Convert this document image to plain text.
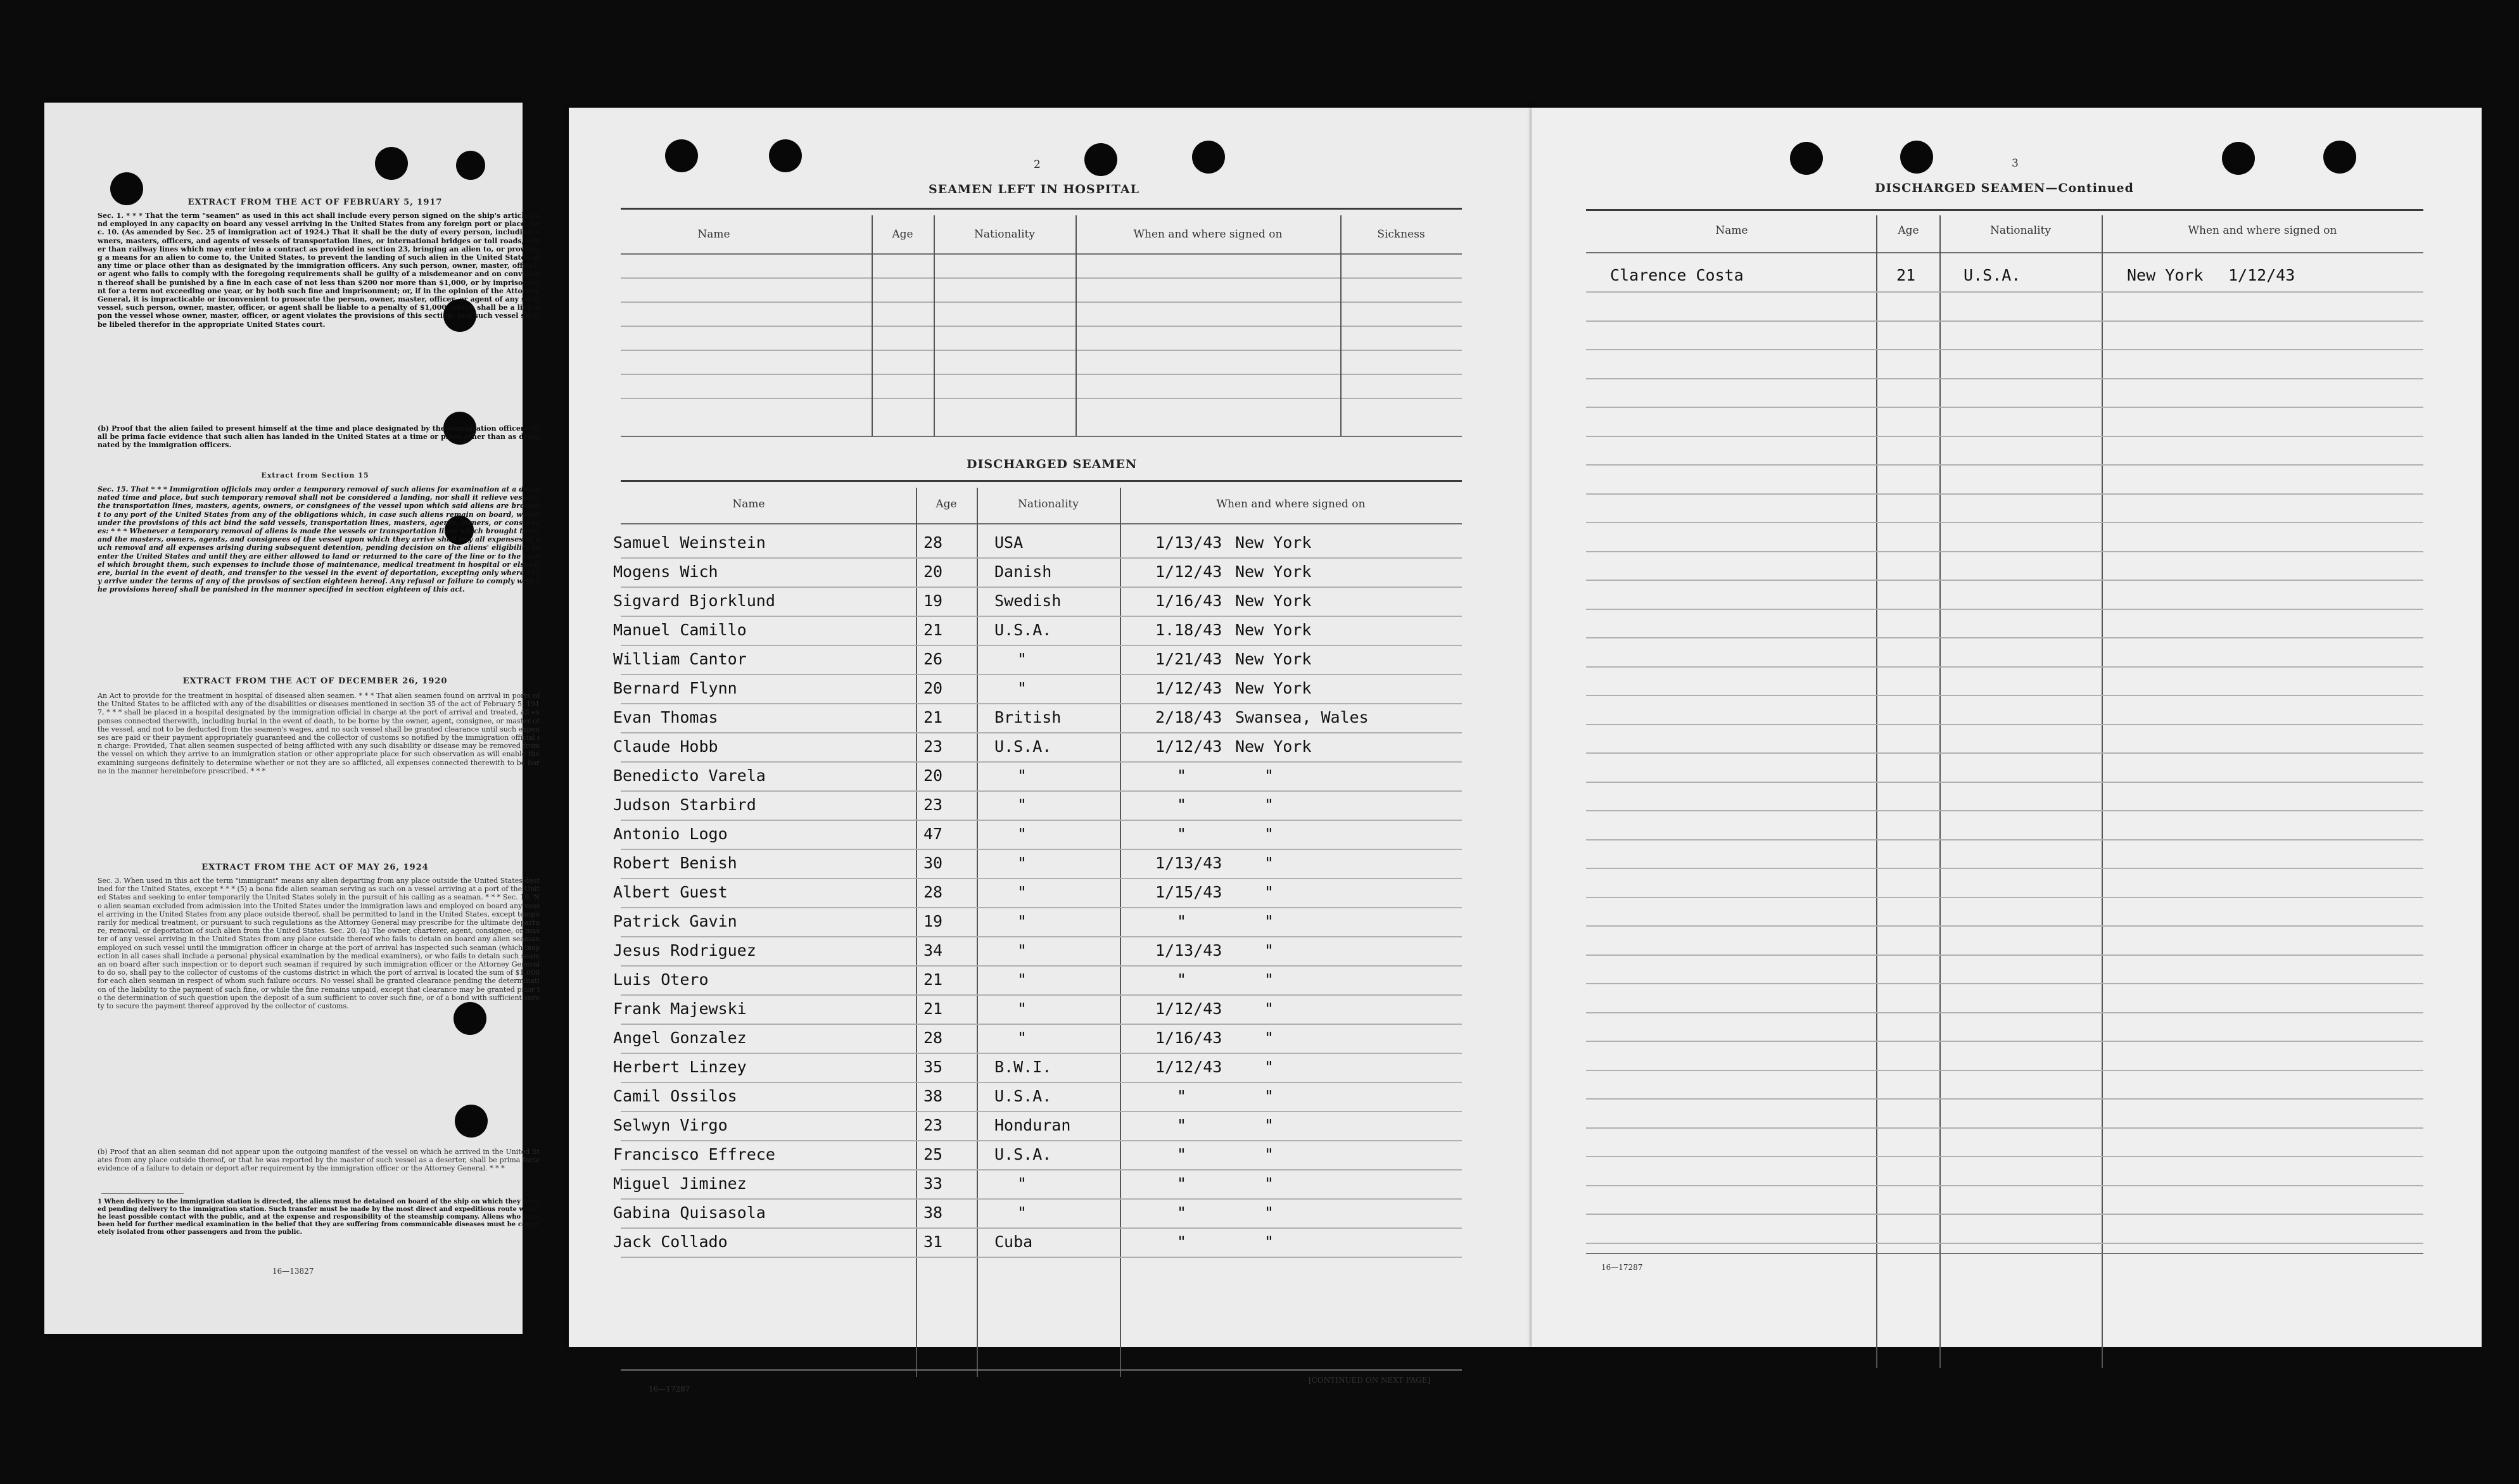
EXTRACT FROM THE ACT OF FEBRUARY 5, 1917
Sec. 1. * * * That the term "seamen" as used in this act shall include every person signed on the ship's articles and employed in any capacity on board any vessel arriving in the United States from any foreign port or place. Sec. 10. (As amended by Sec. 25 of immigration act of 1924.) That it shall be the duty of every person, including owners, masters, officers, and agents of vessels of transportation lines, or international bridges or toll roads, other than railway lines which may enter into a contract as provided in section 23, bringing an alien to, or providing a means for an alien to come to, the United States, to prevent the landing of such alien in the United States at any time or place other than as designated by the immigration officers. Any such person, owner, master, officer, or agent who fails to comply with the foregoing requirements shall be guilty of a misdemeanor and on conviction thereof shall be punished by a fine in each case of not less than $200 nor more than $1,000, or by imprisonment for a term not exceeding one year, or by both such fine and imprisonment; or, if in the opinion of the Attorney General, it is impracticable or inconvenient to prosecute the person, owner, master, officer, or agent of any such vessel, such person, owner, master, officer, or agent shall be liable to a penalty of $1,000, which shall be a lien upon the vessel whose owner, master, officer, or agent violates the provisions of this section, and such vessel shall be libeled therefor in the appropriate United States court.
(b) Proof that the alien failed to present himself at the time and place designated by the immigration officers shall be prima facie evidence that such alien has landed in the United States at a time or place other than as designated by the immigration officers.
Extract from Section 15
Sec. 15. That * * * Immigration officials may order a temporary removal of such aliens for examination at a designated time and place, but such temporary removal shall not be considered a landing, nor shall it relieve vessels, the transportation lines, masters, agents, owners, or consignees of the vessel upon which said aliens are brought to any port of the United States from any of the obligations which, in case such aliens remain on board, would under the provisions of this act bind the said vessels, transportation lines, masters, agents, owners, or consignees: * * * Whenever a temporary removal of aliens is made the vessels or transportation lines which brought them and the masters, owners, agents, and consignees of the vessel upon which they arrive shall pay all expenses of such removal and all expenses arising during subsequent detention, pending decision on the aliens' eligibility to enter the United States and until they are either allowed to land or returned to the care of the line or to the vessel which brought them, such expenses to include those of maintenance, medical treatment in hospital or elsewhere, burial in the event of death, and transfer to the vessel in the event of deportation, excepting only where they arrive under the terms of any of the provisos of section eighteen hereof. Any refusal or failure to comply with the provisions hereof shall be punished in the manner specified in section eighteen of this act.
EXTRACT FROM THE ACT OF DECEMBER 26, 1920
An Act to provide for the treatment in hospital of diseased alien seamen. * * * That alien seamen found on arrival in ports of the United States to be afflicted with any of the disabilities or diseases mentioned in section 35 of the act of February 5, 1917, * * * shall be placed in a hospital designated by the immigration official in charge at the port of arrival and treated, all expenses connected therewith, including burial in the event of death, to be borne by the owner, agent, consignee, or master of the vessel, and not to be deducted from the seamen's wages, and no such vessel shall be granted clearance until such expenses are paid or their payment appropriately guaranteed and the collector of customs so notified by the immigration official in charge: Provided, That alien seamen suspected of being afflicted with any such disability or disease may be removed from the vessel on which they arrive to an immigration station or other appropriate place for such observation as will enable the examining surgeons definitely to determine whether or not they are so afflicted, all expenses connected therewith to be borne in the manner hereinbefore prescribed. * * *
EXTRACT FROM THE ACT OF MAY 26, 1924
Sec. 3. When used in this act the term "immigrant" means any alien departing from any place outside the United States destined for the United States, except * * * (5) a bona fide alien seaman serving as such on a vessel arriving at a port of the United States and seeking to enter temporarily the United States solely in the pursuit of his calling as a seaman. * * * Sec. 19. No alien seaman excluded from admission into the United States under the immigration laws and employed on board any vessel arriving in the United States from any place outside thereof, shall be permitted to land in the United States, except temporarily for medical treatment, or pursuant to such regulations as the Attorney General may prescribe for the ultimate departure, removal, or deportation of such alien from the United States. Sec. 20. (a) The owner, charterer, agent, consignee, or master of any vessel arriving in the United States from any place outside thereof who fails to detain on board any alien seaman employed on such vessel until the immigration officer in charge at the port of arrival has inspected such seaman (which inspection in all cases shall include a personal physical examination by the medical examiners), or who fails to detain such seaman on board after such inspection or to deport such seaman if required by such immigration officer or the Attorney General to do so, shall pay to the collector of customs of the customs district in which the port of arrival is located the sum of $1,000 for each alien seaman in respect of whom such failure occurs. No vessel shall be granted clearance pending the determination of the liability to the payment of such fine, or while the fine remains unpaid, except that clearance may be granted prior to the determination of such question upon the deposit of a sum sufficient to cover such fine, or of a bond with sufficient surety to secure the payment thereof approved by the collector of customs.
(b) Proof that an alien seaman did not appear upon the outgoing manifest of the vessel on which he arrived in the United States from any place outside thereof, or that he was reported by the master of such vessel as a deserter, shall be prima facie evidence of a failure to detain or deport after requirement by the immigration officer or the Attorney General. * * *
1 When delivery to the immigration station is directed, the aliens must be detained on board of the ship on which they arrived pending delivery to the immigration station. Such transfer must be made by the most direct and expeditious route with the least possible contact with the public, and at the expense and responsibility of the steamship company. Aliens who have been held for further medical examination in the belief that they are suffering from communicable diseases must be completely isolated from other passengers and from the public.
16—13827
2
SEAMEN LEFT IN HOSPITAL
Name	Age	Nationality	When and where signed on	Sickness
DISCHARGED SEAMEN
Name	Age	Nationality	When and where signed on
Samuel Weinstein	28	USA	1/13/43 New York
Mogens Wich	20	Danish	1/12/43 New York
Sigvard Bjorklund	19	Swedish	1/16/43 New York
Manuel Camillo	21	U.S.A.	1.18/43 New York
William Cantor	26	"	1/21/43 New York
Bernard Flynn	20	"	1/12/43 New York
Evan Thomas	21	British	2/18/43 Swansea, Wales
Claude Hobb	23	U.S.A.	1/12/43 New York
Benedicto Varela	20	"	"	"
Judson Starbird	23	"	"	"
Antonio Logo	47	"	"	"
Robert Benish	30	"	1/13/43	"
Albert Guest	28	"	1/15/43	"
Patrick Gavin	19	"	"	"
Jesus Rodriguez	34	"	1/13/43	"
Luis Otero	21	"	"	"
Frank Majewski	21	"	1/12/43	"
Angel Gonzalez	28	"	1/16/43	"
Herbert Linzey	35	B.W.I.	1/12/43	"
Camil Ossilos	38	U.S.A.	"	"
Selwyn Virgo	23	Honduran	"	"
Francisco Effrece	25	U.S.A.	"	"
Miguel Jiminez	33	"	"	"
Gabina Quisasola	38	"	"	"
Jack Collado	31	Cuba	"	"
16—17287
[CONTINUED ON NEXT PAGE]
3
DISCHARGED SEAMEN—Continued
Name	Age	Nationality	When and where signed on
Clarence Costa	21	U.S.A.	New York 1/12/43
16—17287
